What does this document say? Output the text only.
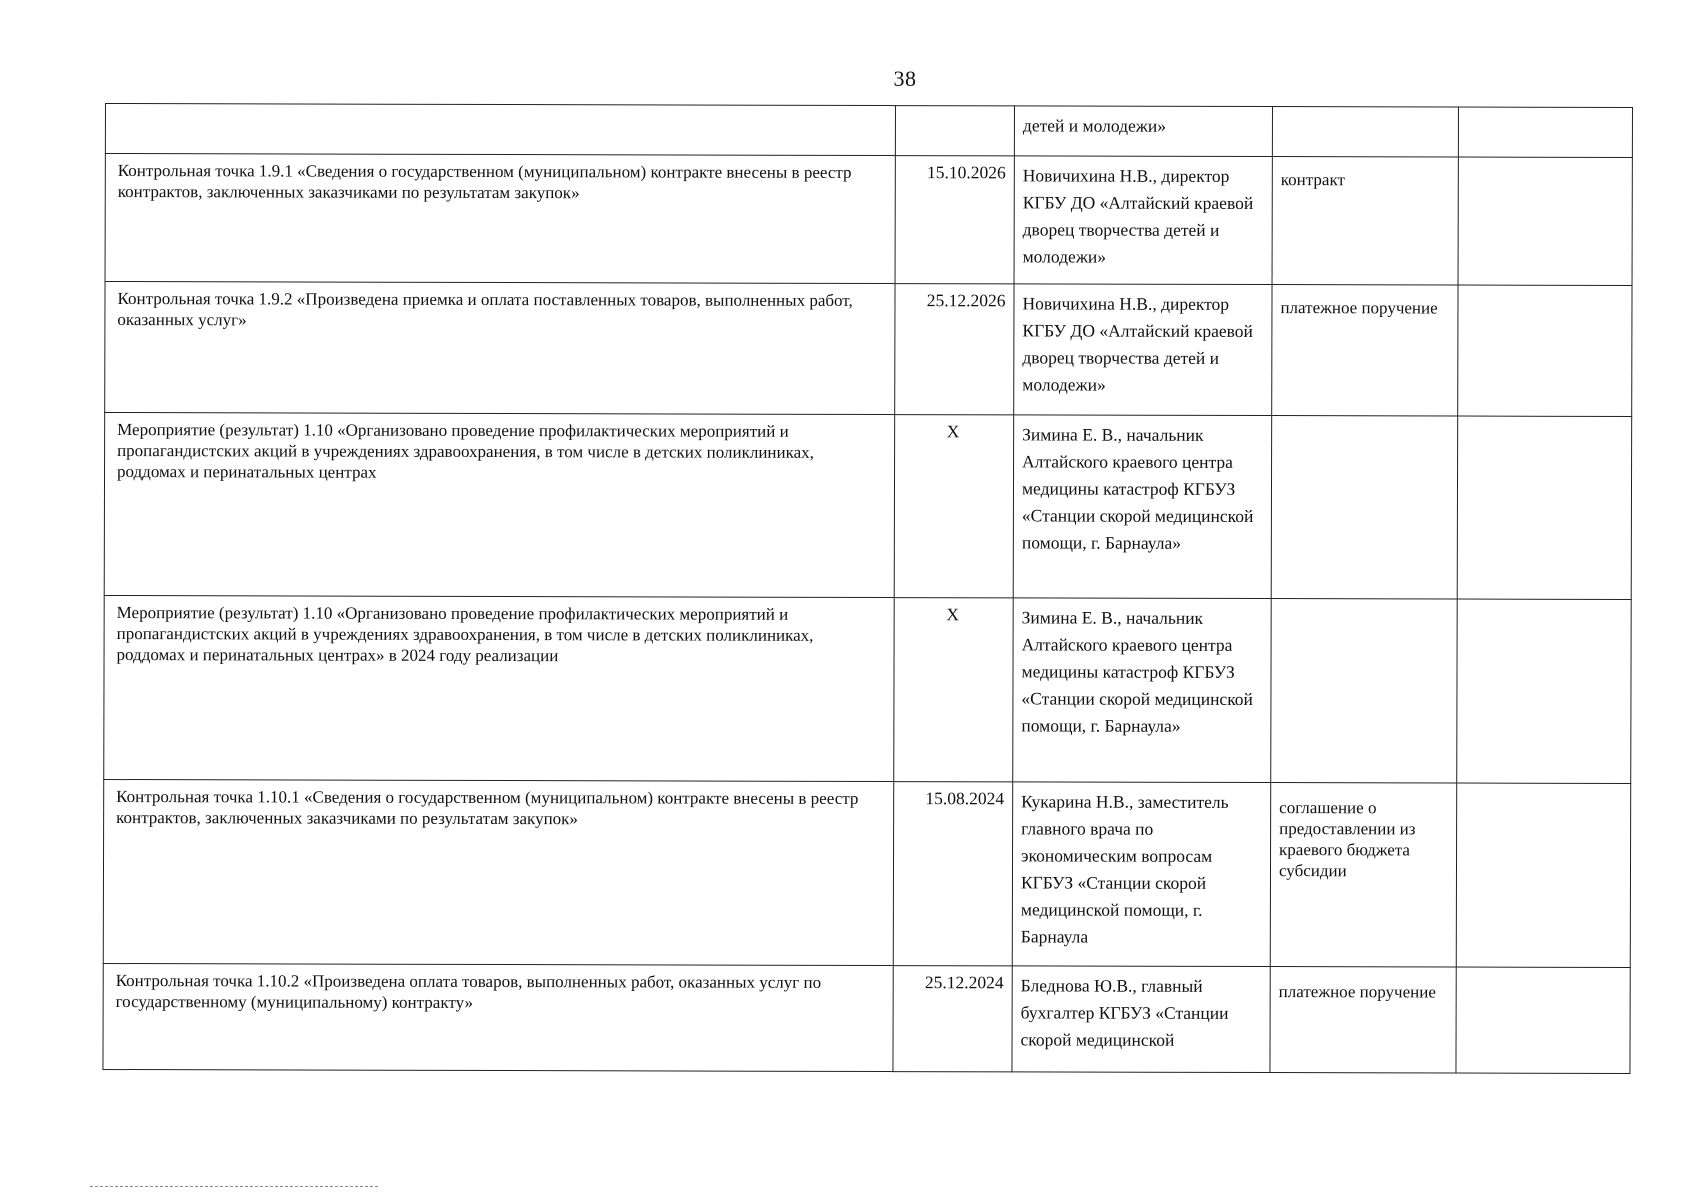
38
		детей и молодежи»		
Контрольная точка 1.9.1 «Сведения о государственном (муниципальном) контракте внесены в реестр контрактов, заключенных заказчиками по результатам закупок»	15.10.2026	Новичихина Н.В., директор КГБУ ДО «Алтайский краевой дворец творчества детей и молодежи»	контракт	
Контрольная точка 1.9.2 «Произведена приемка и оплата поставленных товаров, выполненных работ, оказанных услуг»	25.12.2026	Новичихина Н.В., директор КГБУ ДО «Алтайский краевой дворец творчества детей и молодежи»	платежное поручение	
Мероприятие (результат) 1.10 «Организовано проведение профилактических мероприятий и пропагандистских акций в учреждениях здравоохранения, в том числе в детских поликлиниках, роддомах и перинатальных центрах	X	Зимина Е. В., начальник Алтайского краевого центра медицины катастроф КГБУЗ «Станции скорой медицинской помощи, г. Барнаула»		
Мероприятие (результат) 1.10 «Организовано проведение профилактических мероприятий и пропагандистских акций в учреждениях здравоохранения, в том числе в детских поликлиниках, роддомах и перинатальных центрах» в 2024 году реализации	X	Зимина Е. В., начальник Алтайского краевого центра медицины катастроф КГБУЗ «Станции скорой медицинской помощи, г. Барнаула»		
Контрольная точка 1.10.1 «Сведения о государственном (муниципальном) контракте внесены в реестр контрактов, заключенных заказчиками по результатам закупок»	15.08.2024	Кукарина Н.В., заместитель главного врача по экономическим вопросам КГБУЗ «Станции скорой медицинской помощи, г. Барнаула	соглашение о предоставлении из краевого бюджета субсидии	
Контрольная точка 1.10.2 «Произведена оплата товаров, выполненных работ, оказанных услуг по государственному (муниципальному) контракту»	25.12.2024	Бледнова Ю.В., главный бухгалтер КГБУЗ «Станции скорой медицинской	платежное поручение	
